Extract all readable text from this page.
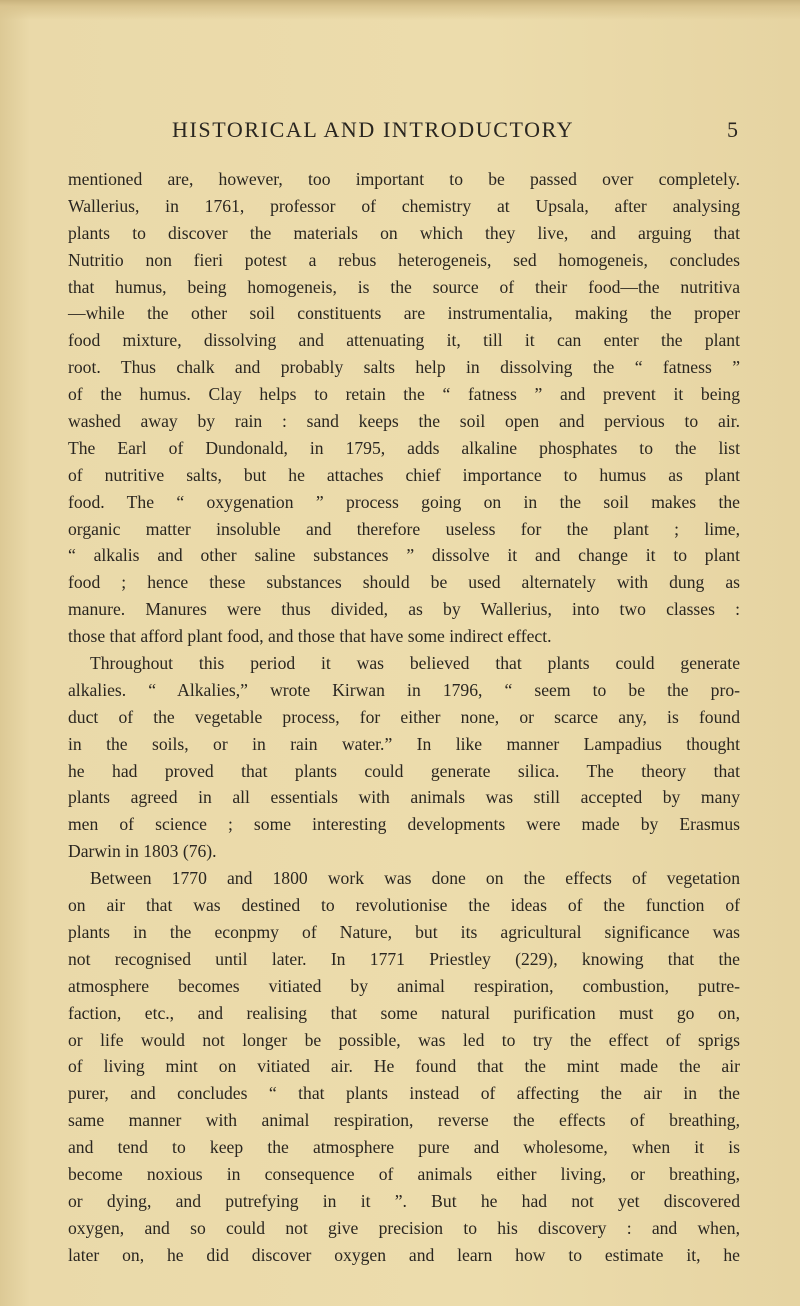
HISTORICAL AND INTRODUCTORY	5
mentioned are, however, too important to be passed over completely.
Wallerius, in 1761, professor of chemistry at Upsala, after analysing
plants to discover the materials on which they live, and arguing that
Nutritio non fieri potest a rebus heterogeneis, sed homogeneis, concludes
that humus, being homogeneis, is the source of their food—the nutritiva
—while the other soil constituents are instrumentalia, making the proper
food mixture, dissolving and attenuating it, till it can enter the plant
root. Thus chalk and probably salts help in dissolving the “ fatness ”
of the humus. Clay helps to retain the “ fatness ” and prevent it being
washed away by rain : sand keeps the soil open and pervious to air.
The Earl of Dundonald, in 1795, adds alkaline phosphates to the list
of nutritive salts, but he attaches chief importance to humus as plant
food. The “ oxygenation ” process going on in the soil makes the
organic matter insoluble and therefore useless for the plant ; lime,
“ alkalis and other saline substances ” dissolve it and change it to plant
food ; hence these substances should be used alternately with dung as
manure. Manures were thus divided, as by Wallerius, into two classes :
those that afford plant food, and those that have some indirect effect.
Throughout this period it was believed that plants could generate
alkalies. “ Alkalies,” wrote Kirwan in 1796, “ seem to be the pro-
duct of the vegetable process, for either none, or scarce any, is found
in the soils, or in rain water.” In like manner Lampadius thought
he had proved that plants could generate silica. The theory that
plants agreed in all essentials with animals was still accepted by many
men of science ; some interesting developments were made by Erasmus
Darwin in 1803 (76).
Between 1770 and 1800 work was done on the effects of vegetation
on air that was destined to revolutionise the ideas of the function of
plants in the econpmy of Nature, but its agricultural significance was
not recognised until later. In 1771 Priestley (229), knowing that the
atmosphere becomes vitiated by animal respiration, combustion, putre-
faction, etc., and realising that some natural purification must go on,
or life would not longer be possible, was led to try the effect of sprigs
of living mint on vitiated air. He found that the mint made the air
purer, and concludes “ that plants instead of affecting the air in the
same manner with animal respiration, reverse the effects of breathing,
and tend to keep the atmosphere pure and wholesome, when it is
become noxious in consequence of animals either living, or breathing,
or dying, and putrefying in it ”. But he had not yet discovered
oxygen, and so could not give precision to his discovery : and when,
later on, he did discover oxygen and learn how to estimate it, he
